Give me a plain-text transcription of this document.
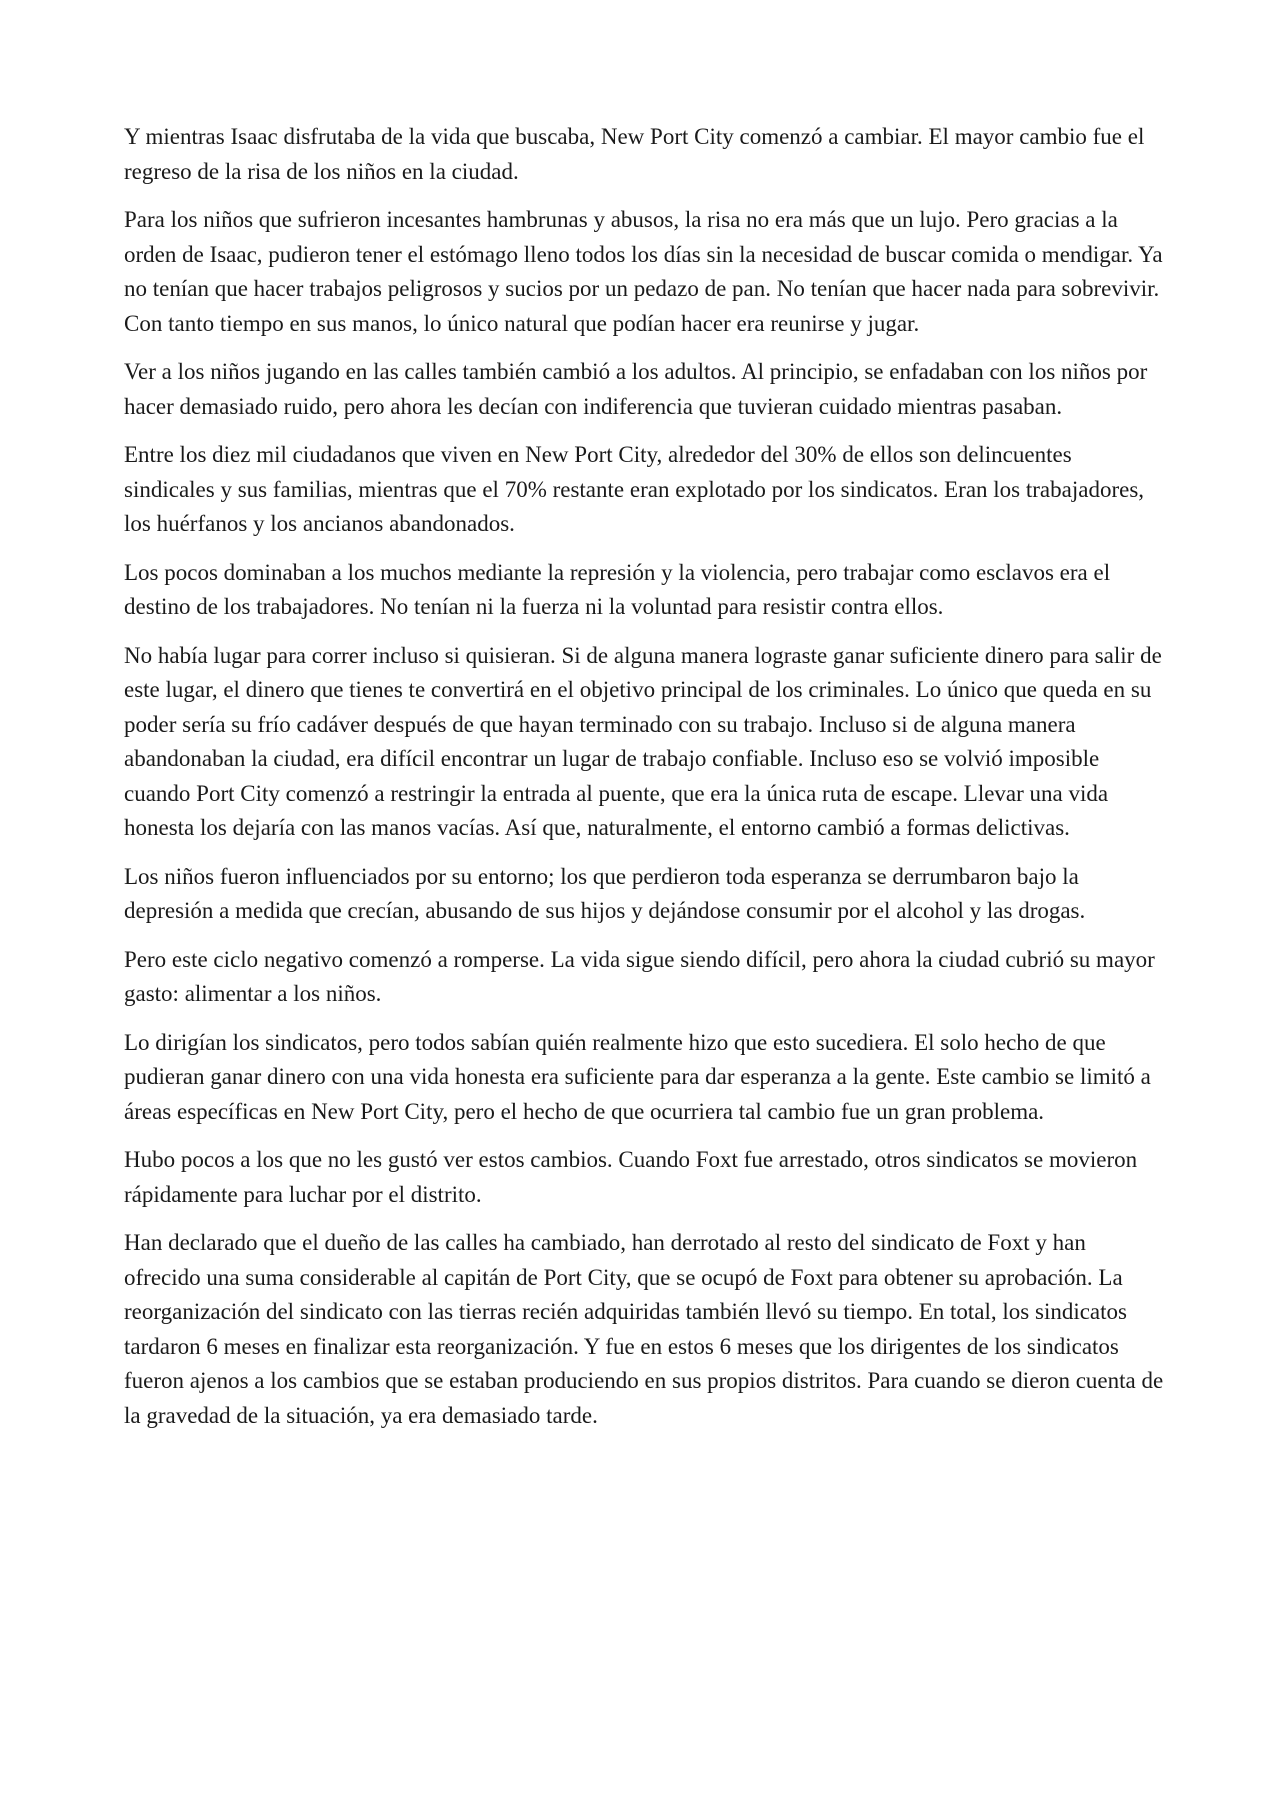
Y mientras Isaac disfrutaba de la vida que buscaba, New Port City comenzó a cambiar. El mayor cambio fue el regreso de la risa de los niños en la ciudad.

Para los niños que sufrieron incesantes hambrunas y abusos, la risa no era más que un lujo. Pero gracias a la orden de Isaac, pudieron tener el estómago lleno todos los días sin la necesidad de buscar comida o mendigar. Ya no tenían que hacer trabajos peligrosos y sucios por un pedazo de pan. No tenían que hacer nada para sobrevivir. Con tanto tiempo en sus manos, lo único natural que podían hacer era reunirse y jugar.

Ver a los niños jugando en las calles también cambió a los adultos. Al principio, se enfadaban con los niños por hacer demasiado ruido, pero ahora les decían con indiferencia que tuvieran cuidado mientras pasaban.

Entre los diez mil ciudadanos que viven en New Port City, alrededor del 30% de ellos son delincuentes sindicales y sus familias, mientras que el 70% restante eran explotado por los sindicatos. Eran los trabajadores, los huérfanos y los ancianos abandonados.

Los pocos dominaban a los muchos mediante la represión y la violencia, pero trabajar como esclavos era el destino de los trabajadores. No tenían ni la fuerza ni la voluntad para resistir contra ellos.

No había lugar para correr incluso si quisieran. Si de alguna manera lograste ganar suficiente dinero para salir de este lugar, el dinero que tienes te convertirá en el objetivo principal de los criminales. Lo único que queda en su poder sería su frío cadáver después de que hayan terminado con su trabajo. Incluso si de alguna manera abandonaban la ciudad, era difícil encontrar un lugar de trabajo confiable. Incluso eso se volvió imposible cuando Port City comenzó a restringir la entrada al puente, que era la única ruta de escape. Llevar una vida honesta los dejaría con las manos vacías. Así que, naturalmente, el entorno cambió a formas delictivas.

Los niños fueron influenciados por su entorno; los que perdieron toda esperanza se derrumbaron bajo la depresión a medida que crecían, abusando de sus hijos y dejándose consumir por el alcohol y las drogas.

Pero este ciclo negativo comenzó a romperse. La vida sigue siendo difícil, pero ahora la ciudad cubrió su mayor gasto: alimentar a los niños.

Lo dirigían los sindicatos, pero todos sabían quién realmente hizo que esto sucediera. El solo hecho de que pudieran ganar dinero con una vida honesta era suficiente para dar esperanza a la gente. Este cambio se limitó a áreas específicas en New Port City, pero el hecho de que ocurriera tal cambio fue un gran problema.

Hubo pocos a los que no les gustó ver estos cambios. Cuando Foxt fue arrestado, otros sindicatos se movieron rápidamente para luchar por el distrito.

Han declarado que el dueño de las calles ha cambiado, han derrotado al resto del sindicato de Foxt y han ofrecido una suma considerable al capitán de Port City, que se ocupó de Foxt para obtener su aprobación. La reorganización del sindicato con las tierras recién adquiridas también llevó su tiempo. En total, los sindicatos tardaron 6 meses en finalizar esta reorganización. Y fue en estos 6 meses que los dirigentes de los sindicatos fueron ajenos a los cambios que se estaban produciendo en sus propios distritos. Para cuando se dieron cuenta de la gravedad de la situación, ya era demasiado tarde.
